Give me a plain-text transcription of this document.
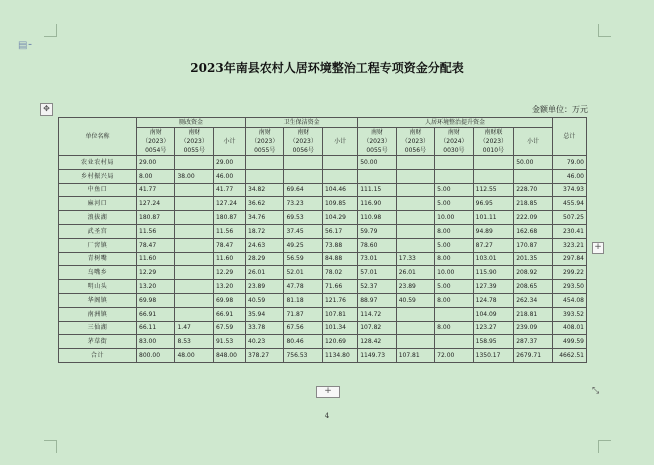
▤⁃
2023年南县农村人居环境整治工程专项资金分配表
✥	金额单位：万元
单位名称	厕改资金			卫生保洁资金			人居环境整治提升资金					总计
	南财（2023）0054号	南财（2023）0055号	小计	南财（2023）0055号	南财（2023）0056号	小计	南财（2023）0055号	南财（2023）0056号	南财（2024）0030号	南财联（2023）0010号	小计	
农业农村局	29.00		29.00				50.00				50.00	79.00
乡村振兴局	8.00	38.00	46.00									46.00
中鱼口	41.77		41.77	34.82	69.64	104.46	111.15		5.00	112.55	228.70	374.93
麻河口	127.24		127.24	36.62	73.23	109.85	116.90		5.00	96.95	218.85	455.94
浪拔湖	180.87		180.87	34.76	69.53	104.29	110.98		10.00	101.11	222.09	507.25
武圣宫	11.56		11.56	18.72	37.45	56.17	59.79		8.00	94.89	162.68	230.41
厂窖镇	78.47		78.47	24.63	49.25	73.88	78.60		5.00	87.27	170.87	323.21
青树嘴	11.60		11.60	28.29	56.59	84.88	73.01	17.33	8.00	103.01	201.35	297.84
乌嘴乡	12.29		12.29	26.01	52.01	78.02	57.01	26.01	10.00	115.90	208.92	299.22
明山头	13.20		13.20	23.89	47.78	71.66	52.37	23.89	5.00	127.39	208.65	293.50
华阁镇	69.98		69.98	40.59	81.18	121.76	88.97	40.59	8.00	124.78	262.34	454.08
南洲镇	66.91		66.91	35.94	71.87	107.81	114.72			104.09	218.81	393.52
三仙湖	66.11	1.47	67.59	33.78	67.56	101.34	107.82		8.00	123.27	239.09	408.01
茅草街	83.00	8.53	91.53	40.23	80.46	120.69	128.42			158.95	287.37	499.59
合计	800.00	48.00	848.00	378.27	756.53	1134.80	1149.73	107.81	72.00	1350.17	2679.71	4662.51
+
+	⤡
4
